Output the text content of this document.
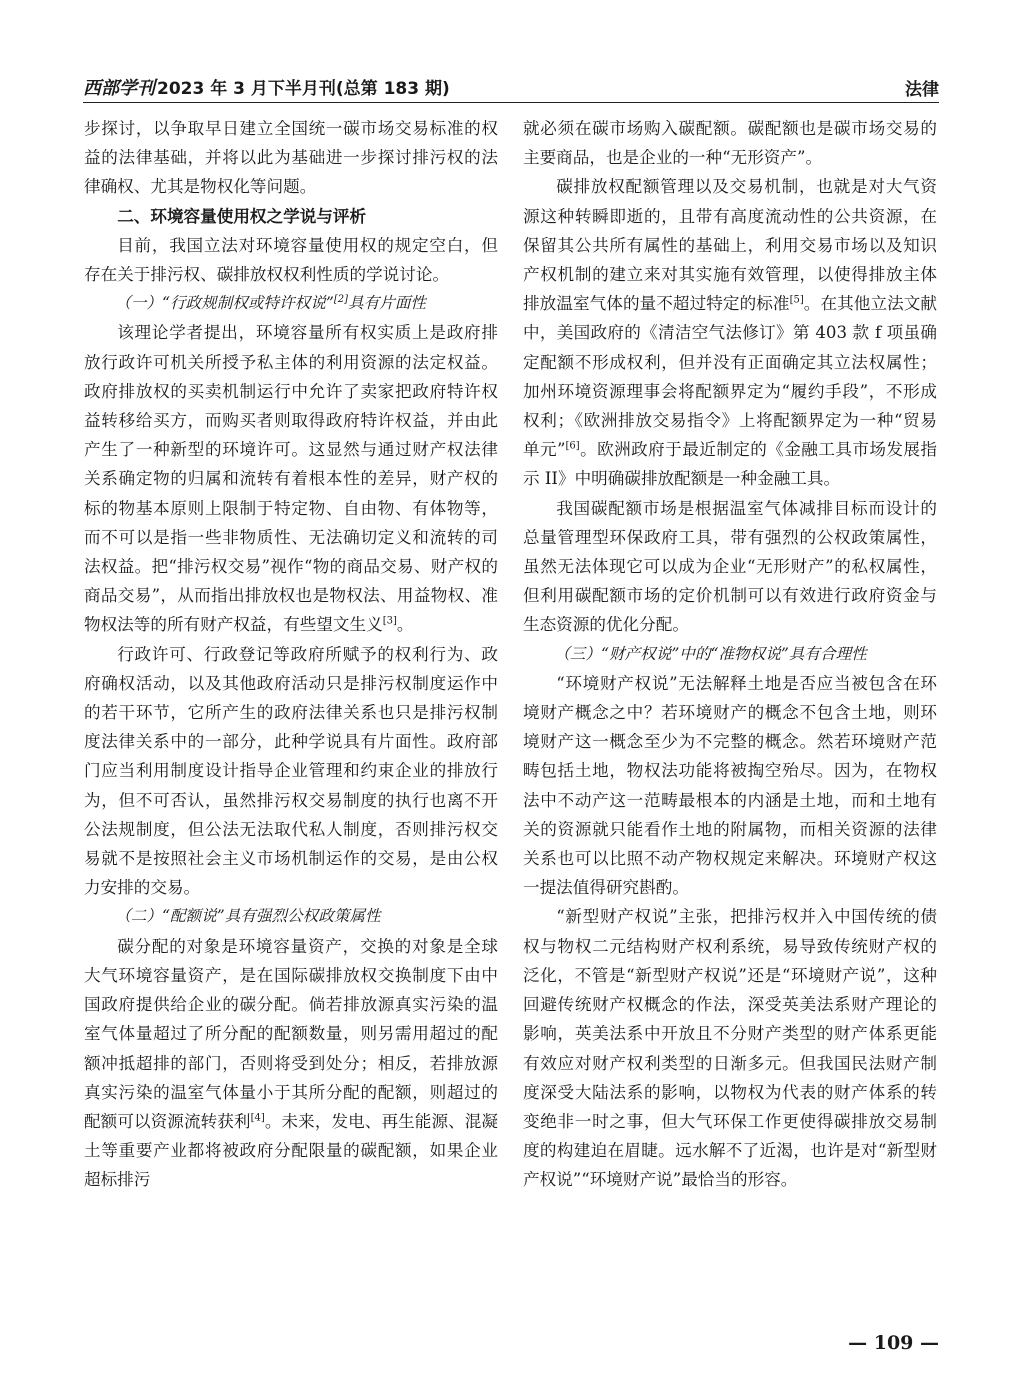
西部学刊 2023 年 3 月下半月刊(总第 183 期)	法律

步探讨，以争取早日建立全国统一碳市场交易标准的权益的法律基础，并将以此为基础进一步探讨排污权的法律确权、尤其是物权化等问题。

二、环境容量使用权之学说与评析

目前，我国立法对环境容量使用权的规定空白，但存在关于排污权、碳排放权权利性质的学说讨论。

（一）“行政规制权或特许权说”[2]具有片面性

该理论学者提出，环境容量所有权实质上是政府排放行政许可机关所授予私主体的利用资源的法定权益。政府排放权的买卖机制运行中允许了卖家把政府特许权益转移给买方，而购买者则取得政府特许权益，并由此产生了一种新型的环境许可。这显然与通过财产权法律关系确定物的归属和流转有着根本性的差异，财产权的标的物基本原则上限制于特定物、自由物、有体物等，而不可以是指一些非物质性、无法确切定义和流转的司法权益。把“排污权交易”视作“物的商品交易、财产权的商品交易”，从而指出排放权也是物权法、用益物权、准物权法等的所有财产权益，有些望文生义[3]。

行政许可、行政登记等政府所赋予的权利行为、政府确权活动，以及其他政府活动只是排污权制度运作中的若干环节，它所产生的政府法律关系也只是排污权制度法律关系中的一部分，此种学说具有片面性。政府部门应当利用制度设计指导企业管理和约束企业的排放行为，但不可否认，虽然排污权交易制度的执行也离不开公法规制度，但公法无法取代私人制度，否则排污权交易就不是按照社会主义市场机制运作的交易，是由公权力安排的交易。

（二）“配额说”具有强烈公权政策属性

碳分配的对象是环境容量资产，交换的对象是全球大气环境容量资产，是在国际碳排放权交换制度下由中国政府提供给企业的碳分配。倘若排放源真实污染的温室气体量超过了所分配的配额数量，则另需用超过的配额冲抵超排的部门，否则将受到处分；相反，若排放源真实污染的温室气体量小于其所分配的配额，则超过的配额可以资源流转获利[4]。未来，发电、再生能源、混凝土等重要产业都将被政府分配限量的碳配额，如果企业超标排污

就必须在碳市场购入碳配额。碳配额也是碳市场交易的主要商品，也是企业的一种“无形资产”。

碳排放权配额管理以及交易机制，也就是对大气资源这种转瞬即逝的，且带有高度流动性的公共资源，在保留其公共所有属性的基础上，利用交易市场以及知识产权机制的建立来对其实施有效管理，以使得排放主体排放温室气体的量不超过特定的标准[5]。在其他立法文献中，美国政府的《清洁空气法修订》第 403 款 f 项虽确定配额不形成权利，但并没有正面确定其立法权属性；加州环境资源理事会将配额界定为“履约手段”，不形成权利；《欧洲排放交易指令》上将配额界定为一种“贸易单元”[6]。欧洲政府于最近制定的《金融工具市场发展指示 II》中明确碳排放配额是一种金融工具。

我国碳配额市场是根据温室气体减排目标而设计的总量管理型环保政府工具，带有强烈的公权政策属性，虽然无法体现它可以成为企业“无形财产”的私权属性，但利用碳配额市场的定价机制可以有效进行政府资金与生态资源的优化分配。

（三）“财产权说”中的“准物权说”具有合理性

“环境财产权说”无法解释土地是否应当被包含在环境财产概念之中？若环境财产的概念不包含土地，则环境财产这一概念至少为不完整的概念。然若环境财产范畴包括土地，物权法功能将被掏空殆尽。因为，在物权法中不动产这一范畴最根本的内涵是土地，而和土地有关的资源就只能看作土地的附属物，而相关资源的法律关系也可以比照不动产物权规定来解决。环境财产权这一提法值得研究斟酌。

“新型财产权说”主张，把排污权并入中国传统的债权与物权二元结构财产权利系统，易导致传统财产权的泛化，不管是“新型财产权说”还是“环境财产说”，这种回避传统财产权概念的作法，深受英美法系财产理论的影响，英美法系中开放且不分财产类型的财产体系更能有效应对财产权利类型的日渐多元。但我国民法财产制度深受大陆法系的影响，以物权为代表的财产体系的转变绝非一时之事，但大气环保工作更使得碳排放交易制度的构建迫在眉睫。远水解不了近渴，也许是对“新型财产权说”“环境财产说”最恰当的形容。

— 109 —
